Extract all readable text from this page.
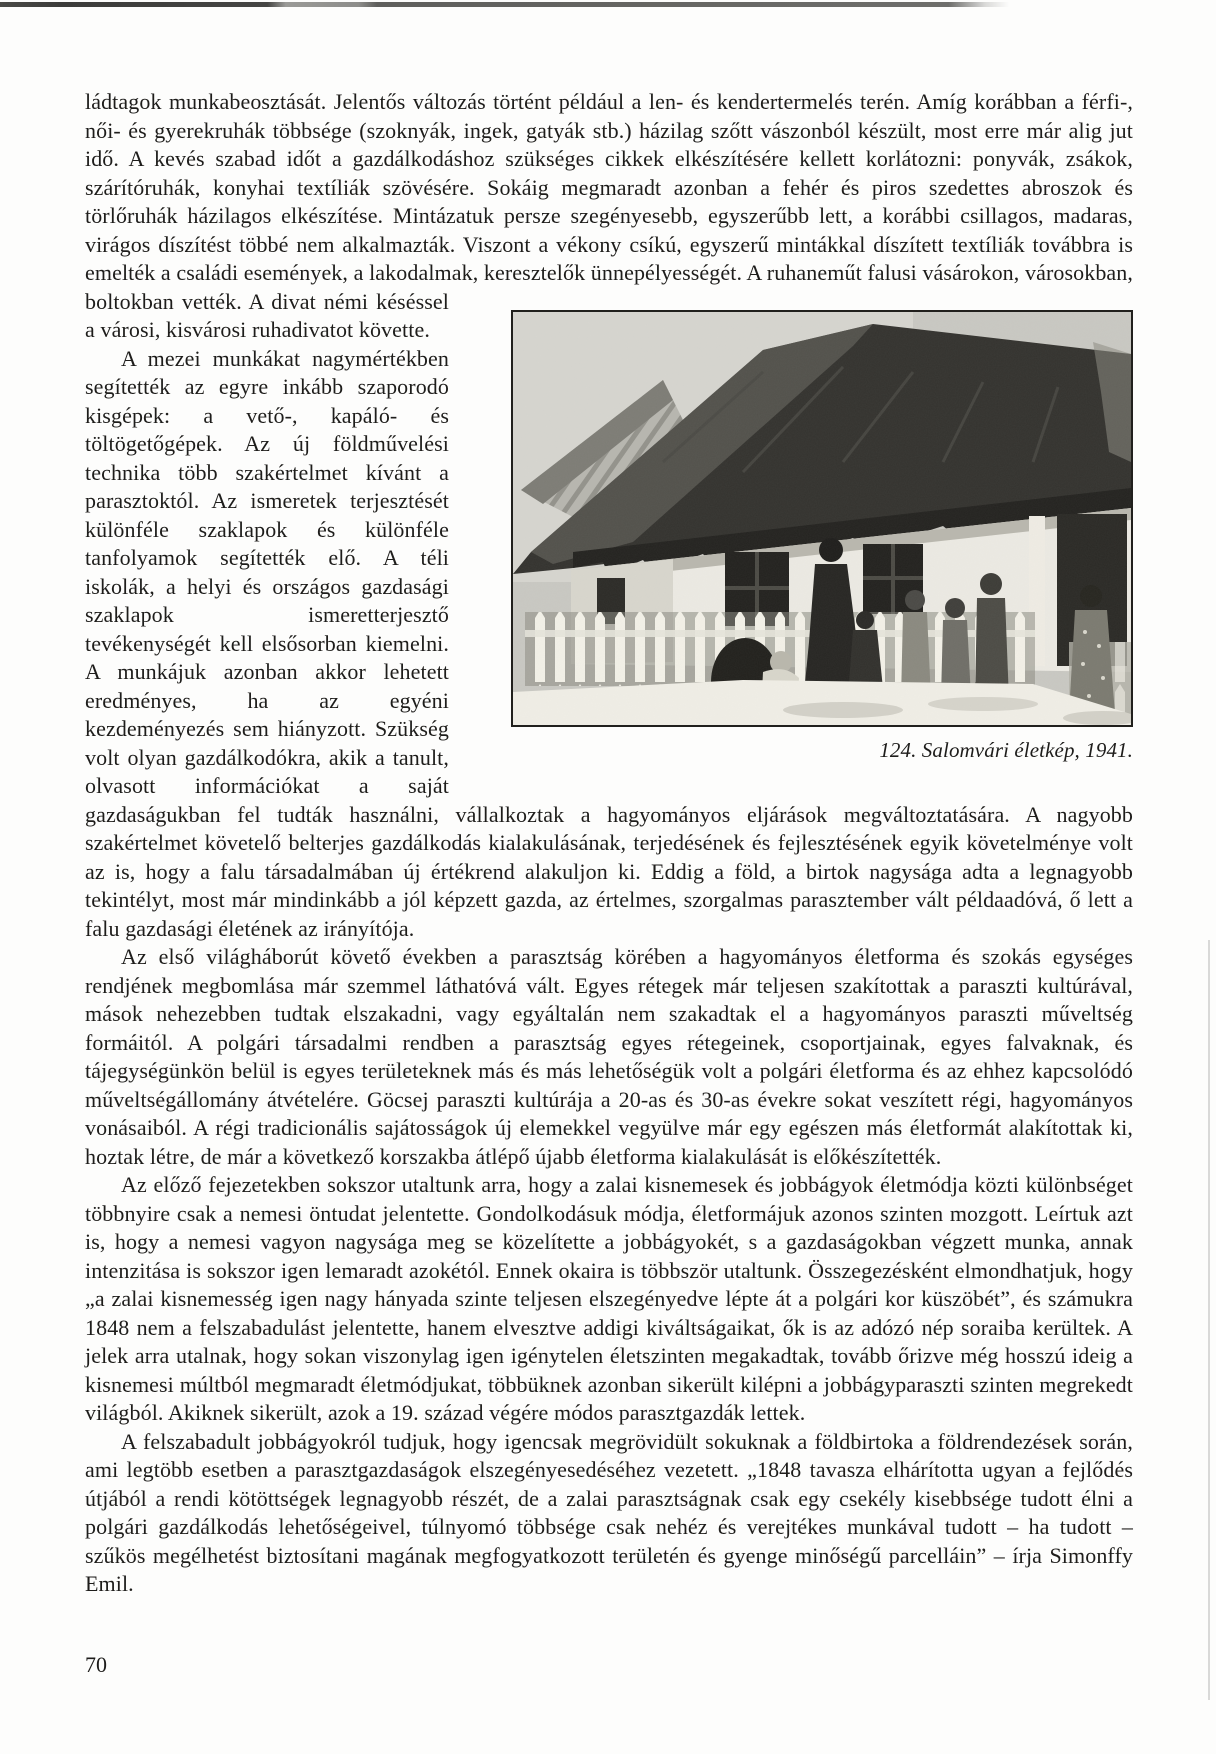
124. Salomvári életkép, 1941.

ládtagok munkabeosztását. Jelentős változás történt például a len- és kendertermelés terén. Amíg korábban a férfi-, női- és gyerekruhák többsége (szoknyák, ingek, gatyák stb.) házilag szőtt vászonból készült, most erre már alig jut idő. A kevés szabad időt a gazdálkodáshoz szükséges cikkek elkészítésére kellett korlátozni: ponyvák, zsákok, szárítóruhák, konyhai textíliák szövésére. Sokáig megmaradt azonban a fehér és piros szedettes abroszok és törlőruhák házilagos elkészítése. Mintázatuk persze szegényesebb, egyszerűbb lett, a korábbi csillagos, madaras, virágos díszítést többé nem alkalmazták. Viszont a vékony csíkú, egyszerű mintákkal díszített textíliák továbbra is emelték a családi események, a lakodalmak, keresztelők ünnepélyességét. A ruhaneműt falusi vásárokon, városokban, boltokban vették. A divat némi késéssel a városi, kisvárosi ruhadivatot követte.

A mezei munkákat nagymértékben segítették az egyre inkább szaporodó kisgépek: a vető-, kapáló- és töltögetőgépek. Az új földművelési technika több szakértelmet kívánt a parasztoktól. Az ismeretek terjesztését különféle szaklapok és különféle tanfolyamok segítették elő. A téli iskolák, a helyi és országos gazdasági szaklapok ismeretterjesztő tevékenységét kell elsősorban kiemelni. A munkájuk azonban akkor lehetett eredményes, ha az egyéni kezdeményezés sem hiányzott. Szükség volt olyan gazdálkodókra, akik a tanult, olvasott információkat a saját gazdaságukban fel tudták használni, vállalkoztak a hagyományos eljárások megváltoztatására. A nagyobb szakértelmet követelő belterjes gazdálkodás kialakulásának, terjedésének és fejlesztésének egyik követelménye volt az is, hogy a falu társadalmában új értékrend alakuljon ki. Eddig a föld, a birtok nagysága adta a legnagyobb tekintélyt, most már mindinkább a jól képzett gazda, az értelmes, szorgalmas parasztember vált példaadóvá, ő lett a falu gazdasági életének az irányítója.

Az első világháborút követő években a parasztság körében a hagyományos életforma és szokás egységes rendjének megbomlása már szemmel láthatóvá vált. Egyes rétegek már teljesen szakítottak a paraszti kultúrával, mások nehezebben tudtak elszakadni, vagy egyáltalán nem szakadtak el a hagyományos paraszti műveltség formáitól. A polgári társadalmi rendben a parasztság egyes rétegeinek, csoportjainak, egyes falvaknak, és tájegységünkön belül is egyes területeknek más és más lehetőségük volt a polgári életforma és az ehhez kapcsolódó műveltségállomány átvételére. Göcsej paraszti kultúrája a 20-as és 30-as évekre sokat veszített régi, hagyományos vonásaiból. A régi tradicionális sajátosságok új elemekkel vegyülve már egy egészen más életformát alakítottak ki, hoztak létre, de már a következő korszakba átlépő újabb életforma kialakulását is előkészítették.

Az előző fejezetekben sokszor utaltunk arra, hogy a zalai kisnemesek és jobbágyok életmódja közti különbséget többnyire csak a nemesi öntudat jelentette. Gondolkodásuk módja, életformájuk azonos szinten mozgott. Leírtuk azt is, hogy a nemesi vagyon nagysága meg se közelítette a jobbágyokét, s a gazdaságokban végzett munka, annak intenzitása is sokszor igen lemaradt azokétól. Ennek okaira is többször utaltunk. Összegezésként elmondhatjuk, hogy „a zalai kisnemesség igen nagy hányada szinte teljesen elszegényedve lépte át a polgári kor küszöbét”, és számukra 1848 nem a felszabadulást jelentette, hanem elvesztve addigi kiváltságaikat, ők is az adózó nép soraiba kerültek. A jelek arra utalnak, hogy sokan viszonylag igen igénytelen életszinten megakadtak, tovább őrizve még hosszú ideig a kisnemesi múltból megmaradt életmódjukat, többüknek azonban sikerült kilépni a jobbágyparaszti szinten megrekedt világból. Akiknek sikerült, azok a 19. század végére módos parasztgazdák lettek.

A felszabadult jobbágyokról tudjuk, hogy igencsak megrövidült sokuknak a földbirtoka a földrendezések során, ami legtöbb esetben a parasztgazdaságok elszegényesedéséhez vezetett. „1848 tavasza elhárította ugyan a fejlődés útjából a rendi kötöttségek legnagyobb részét, de a zalai parasztságnak csak egy csekély kisebbsége tudott élni a polgári gazdálkodás lehetőségeivel, túlnyomó többsége csak nehéz és verejtékes munkával tudott – ha tudott – szűkös megélhetést biztosítani magának megfogyatkozott területén és gyenge minőségű parcelláin” – írja Simonffy Emil.

70
